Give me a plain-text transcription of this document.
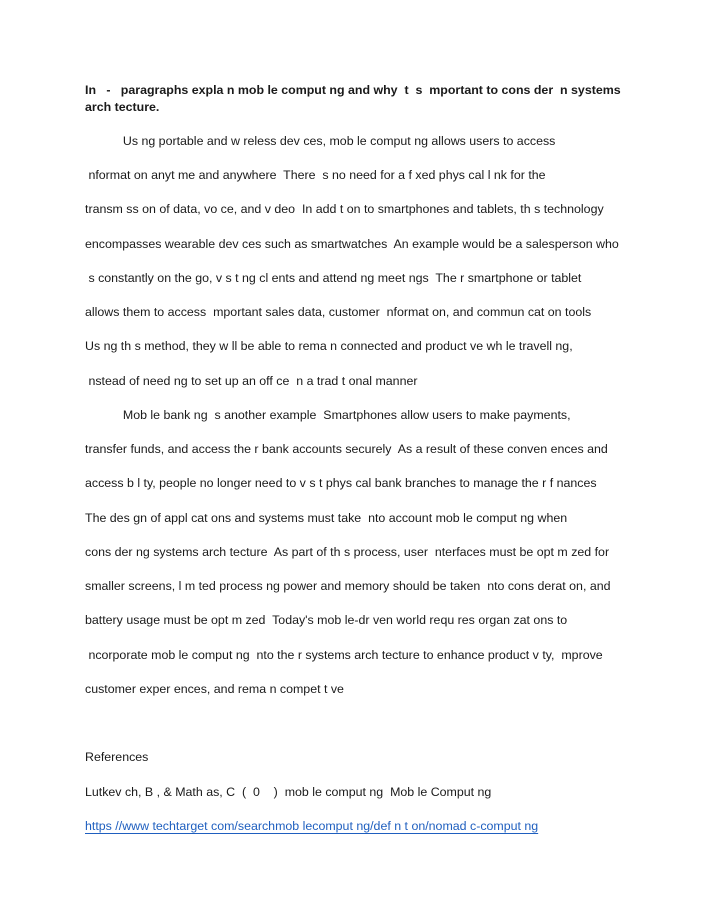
In   -   paragraphs expla n mob le comput ng and why  t  s  mportant to cons der  n systems
arch tecture.
Us ng portable and w reless dev ces, mob le comput ng allows users to access
nformat on anyt me and anywhere  There  s no need for a f xed phys cal l nk for the
transm ss on of data, vo ce, and v deo  In add t on to smartphones and tablets, th s technology
encompasses wearable dev ces such as smartwatches  An example would be a salesperson who
s constantly on the go, v s t ng cl ents and attend ng meet ngs  The r smartphone or tablet
allows them to access  mportant sales data, customer  nformat on, and commun cat on tools
Us ng th s method, they w ll be able to rema n connected and product ve wh le travell ng,
nstead of need ng to set up an off ce  n a trad t onal manner
Mob le bank ng  s another example  Smartphones allow users to make payments,
transfer funds, and access the r bank accounts securely  As a result of these conven ences and
access b l ty, people no longer need to v s t phys cal bank branches to manage the r f nances
The des gn of appl cat ons and systems must take  nto account mob le comput ng when
cons der ng systems arch tecture  As part of th s process, user  nterfaces must be opt m zed for
smaller screens, l m ted process ng power and memory should be taken  nto cons derat on, and
battery usage must be opt m zed  Today's mob le-dr ven world requ res organ zat ons to
ncorporate mob le comput ng  nto the r systems arch tecture to enhance product v ty,  mprove
customer exper ences, and rema n compet t ve
References
Lutkev ch, B , & Math as, C  (  0    )  mob le comput ng  Mob le Comput ng
https //www techtarget com/searchmob lecomput ng/def n t on/nomad c-comput ng
